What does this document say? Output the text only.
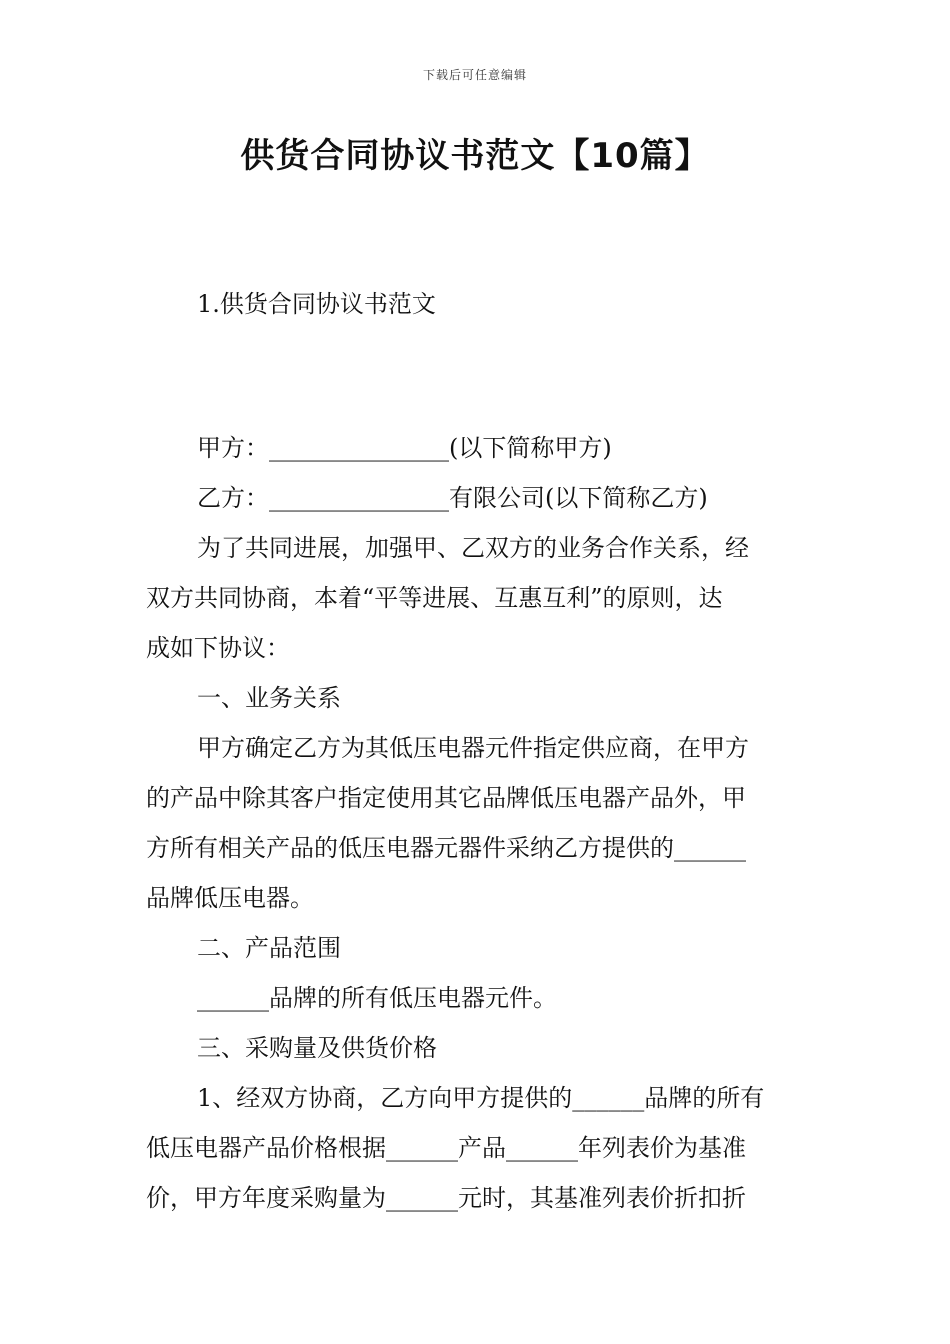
下载后可任意编辑
供货合同协议书范文【10篇】
1.供货合同协议书范文
甲方：_______________(以下简称甲方)
乙方：_______________有限公司(以下简称乙方)
为了共同进展，加强甲、乙双方的业务合作关系，经
双方共同协商，本着“平等进展、互惠互利”的原则，达
成如下协议：
一、业务关系
甲方确定乙方为其低压电器元件指定供应商，在甲方
的产品中除其客户指定使用其它品牌低压电器产品外，甲
方所有相关产品的低压电器元器件采纳乙方提供的______
品牌低压电器。
二、产品范围
______品牌的所有低压电器元件。
三、采购量及供货价格
1、经双方协商，乙方向甲方提供的______品牌的所有
低压电器产品价格根据______产品______年列表价为基准
价，甲方年度采购量为______元时，其基准列表价折扣折
